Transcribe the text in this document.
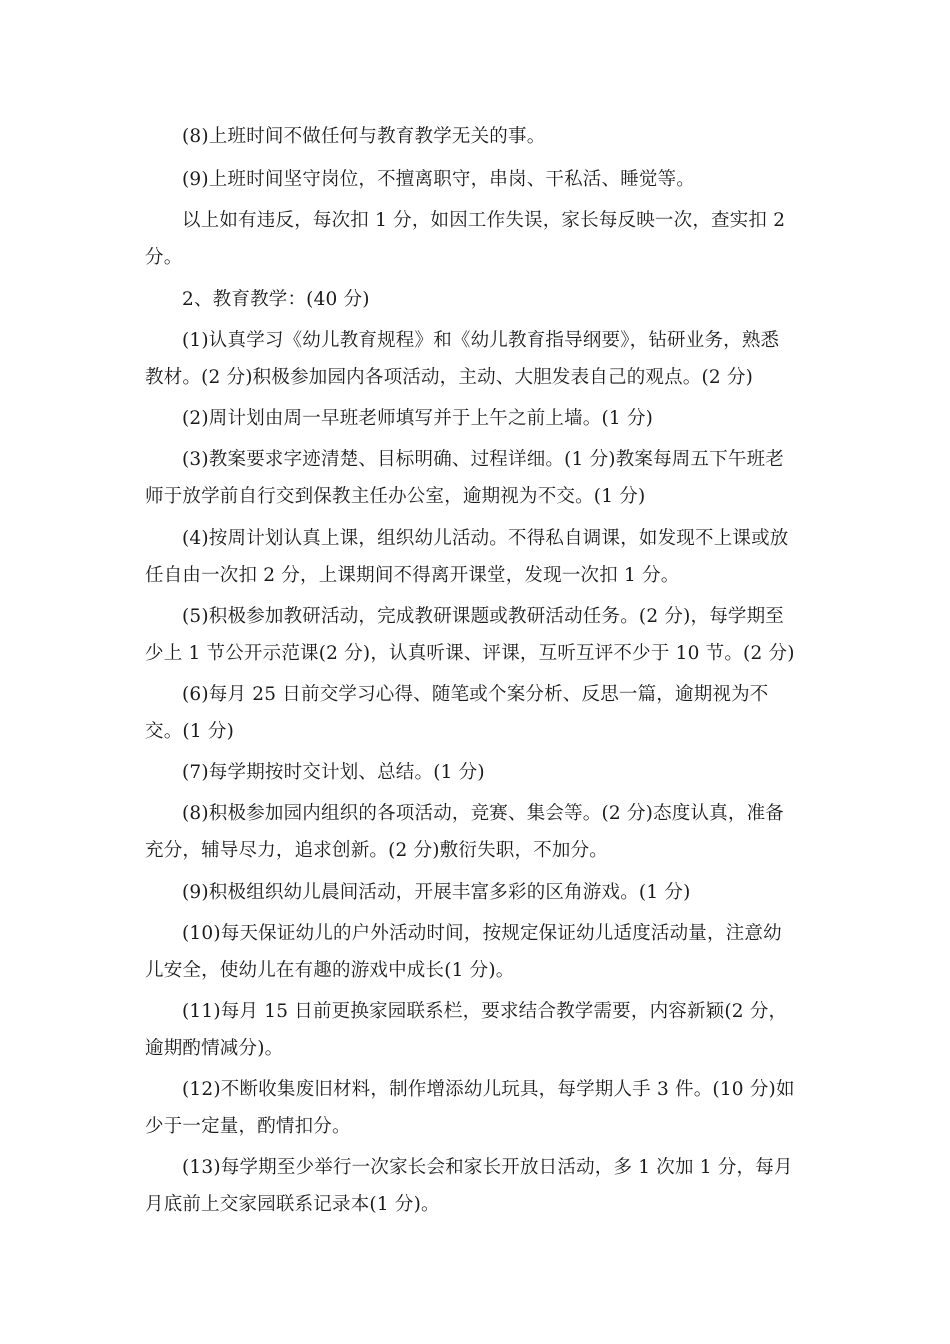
(8)上班时间不做任何与教育教学无关的事。
(9)上班时间坚守岗位，不擅离职守，串岗、干私活、睡觉等。
以上如有违反，每次扣 1 分，如因工作失误，家长每反映一次，查实扣 2
分。
2、教育教学：(40 分)
(1)认真学习《幼儿教育规程》和《幼儿教育指导纲要》，钻研业务，熟悉
教材。(2 分)积极参加园内各项活动，主动、大胆发表自己的观点。(2 分)
(2)周计划由周一早班老师填写并于上午之前上墙。(1 分)
(3)教案要求字迹清楚、目标明确、过程详细。(1 分)教案每周五下午班老
师于放学前自行交到保教主任办公室，逾期视为不交。(1 分)
(4)按周计划认真上课，组织幼儿活动。不得私自调课，如发现不上课或放
任自由一次扣 2 分，上课期间不得离开课堂，发现一次扣 1 分。
(5)积极参加教研活动，完成教研课题或教研活动任务。(2 分)，每学期至
少上 1 节公开示范课(2 分)，认真听课、评课，互听互评不少于 10 节。(2 分)
(6)每月 25 日前交学习心得、随笔或个案分析、反思一篇，逾期视为不
交。(1 分)
(7)每学期按时交计划、总结。(1 分)
(8)积极参加园内组织的各项活动，竞赛、集会等。(2 分)态度认真，准备
充分，辅导尽力，追求创新。(2 分)敷衍失职，不加分。
(9)积极组织幼儿晨间活动，开展丰富多彩的区角游戏。(1 分)
(10)每天保证幼儿的户外活动时间，按规定保证幼儿适度活动量，注意幼
儿安全，使幼儿在有趣的游戏中成长(1 分)。
(11)每月 15 日前更换家园联系栏，要求结合教学需要，内容新颖(2 分，
逾期酌情减分)。
(12)不断收集废旧材料，制作增添幼儿玩具，每学期人手 3 件。(10 分)如
少于一定量，酌情扣分。
(13)每学期至少举行一次家长会和家长开放日活动，多 1 次加 1 分，每月
月底前上交家园联系记录本(1 分)。
